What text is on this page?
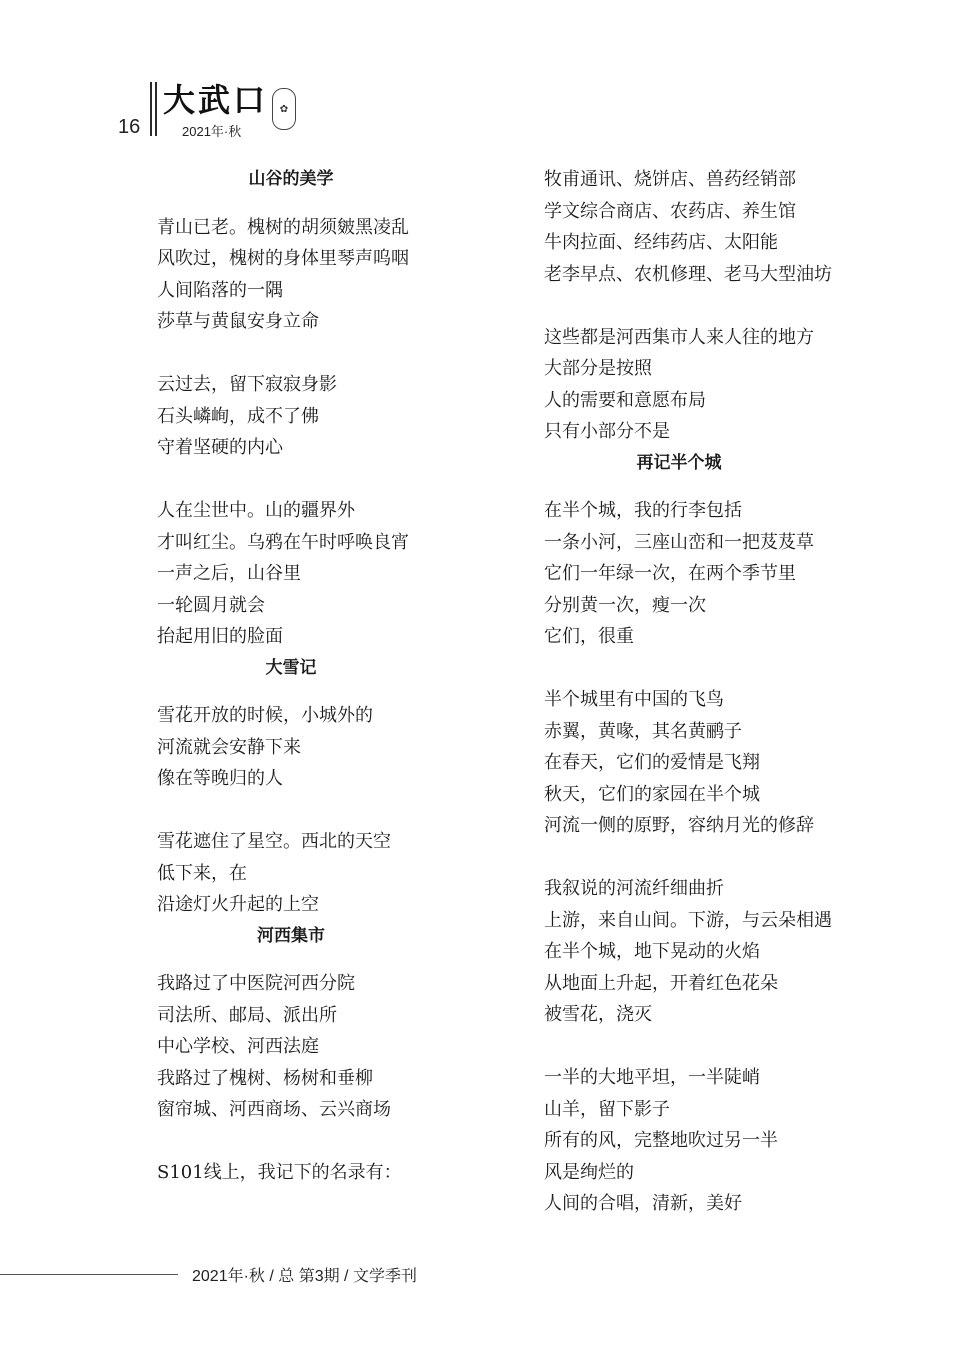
16
大武口	✿
2021年·秋
山谷的美学
青山已老。槐树的胡须皴黑凌乱
风吹过，槐树的身体里琴声呜咽
人间陷落的一隅
莎草与黄鼠安身立命
云过去，留下寂寂身影
石头嶙峋，成不了佛
守着坚硬的内心
人在尘世中。山的疆界外
才叫红尘。乌鸦在午时呼唤良宵
一声之后，山谷里
一轮圆月就会
抬起用旧的脸面
大雪记
雪花开放的时候，小城外的
河流就会安静下来
像在等晚归的人
雪花遮住了星空。西北的天空
低下来，在
沿途灯火升起的上空
河西集市
我路过了中医院河西分院
司法所、邮局、派出所
中心学校、河西法庭
我路过了槐树、杨树和垂柳
窗帘城、河西商场、云兴商场
S101线上，我记下的名录有：
牧甫通讯、烧饼店、兽药经销部
学文综合商店、农药店、养生馆
牛肉拉面、经纬药店、太阳能
老李早点、农机修理、老马大型油坊
这些都是河西集市人来人往的地方
大部分是按照
人的需要和意愿布局
只有小部分不是
再记半个城
在半个城，我的行李包括
一条小河，三座山峦和一把芨芨草
它们一年绿一次，在两个季节里
分别黄一次，瘦一次
它们，很重
半个城里有中国的飞鸟
赤翼，黄喙，其名黄鹂子
在春天，它们的爱情是飞翔
秋天，它们的家园在半个城
河流一侧的原野，容纳月光的修辞
我叙说的河流纤细曲折
上游，来自山间。下游，与云朵相遇
在半个城，地下晃动的火焰
从地面上升起，开着红色花朵
被雪花，浇灭
一半的大地平坦，一半陡峭
山羊，留下影子
所有的风，完整地吹过另一半
风是绚烂的
人间的合唱，清新，美好
2021年·秋 / 总 第3期 / 文学季刊
